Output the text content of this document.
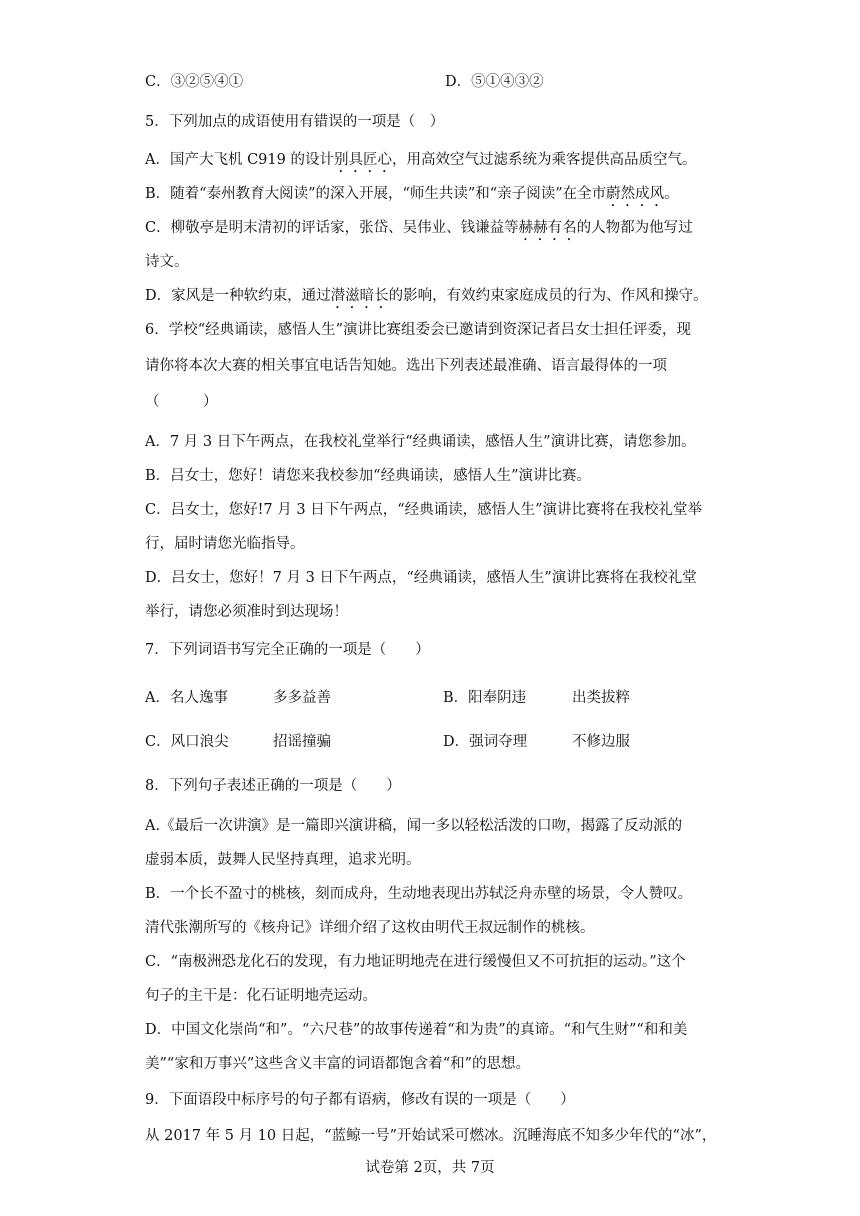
C．③②⑤④①	D．⑤①④③②
5．下列加点的成语使用有错误的一项是（　）
A．国产大飞机 C919 的设计别具匠心，用高效空气过滤系统为乘客提供高品质空气。
B．随着“泰州教育大阅读”的深入开展，“师生共读”和“亲子阅读”在全市蔚然成风。
C．柳敬亭是明末清初的评话家，张岱、吴伟业、钱谦益等赫赫有名的人物都为他写过
诗文。
D．家风是一种软约束，通过潜滋暗长的影响，有效约束家庭成员的行为、作风和操守。
6．学校“经典诵读，感悟人生”演讲比赛组委会已邀请到资深记者吕女士担任评委，现
请你将本次大赛的相关事宜电话告知她。选出下列表述最准确、语言最得体的一项
（　　　）
A．7 月 3 日下午两点，在我校礼堂举行“经典诵读，感悟人生”演讲比赛，请您参加。
B．吕女士，您好！请您来我校参加“经典诵读，感悟人生”演讲比赛。
C．吕女士，您好!7 月 3 日下午两点，“经典诵读，感悟人生”演讲比赛将在我校礼堂举
行，届时请您光临指导。
D．吕女士，您好！7 月 3 日下午两点，“经典诵读，感悟人生”演讲比赛将在我校礼堂
举行，请您必须准时到达现场！
7．下列词语书写完全正确的一项是（　　）
A．名人逸事	多多益善	B．阳奉阴违	出类拔粹
C．风口浪尖	招谣撞骗	D．强词夺理	不修边服
8．下列句子表述正确的一项是（　　）
A.《最后一次讲演》是一篇即兴演讲稿，闻一多以轻松活泼的口吻，揭露了反动派的
虚弱本质，鼓舞人民坚持真理，追求光明。
B．一个长不盈寸的桃核，刻而成舟，生动地表现出苏轼泛舟赤壁的场景，令人赞叹。
清代张潮所写的《核舟记》详细介绍了这枚由明代王叔远制作的桃核。
C．“南极洲恐龙化石的发现，有力地证明地壳在进行缓慢但又不可抗拒的运动。”这个
句子的主干是：化石证明地壳运动。
D．中国文化崇尚“和”。“六尺巷”的故事传递着“和为贵”的真谛。“和气生财”“和和美
美”“家和万事兴”这些含义丰富的词语都饱含着“和”的思想。
9．下面语段中标序号的句子都有语病，修改有误的一项是（　　）
从 2017 年 5 月 10 日起，“蓝鲸一号”开始试采可燃冰。沉睡海底不知多少年代的“冰”，
试卷第 2页，共 7页
